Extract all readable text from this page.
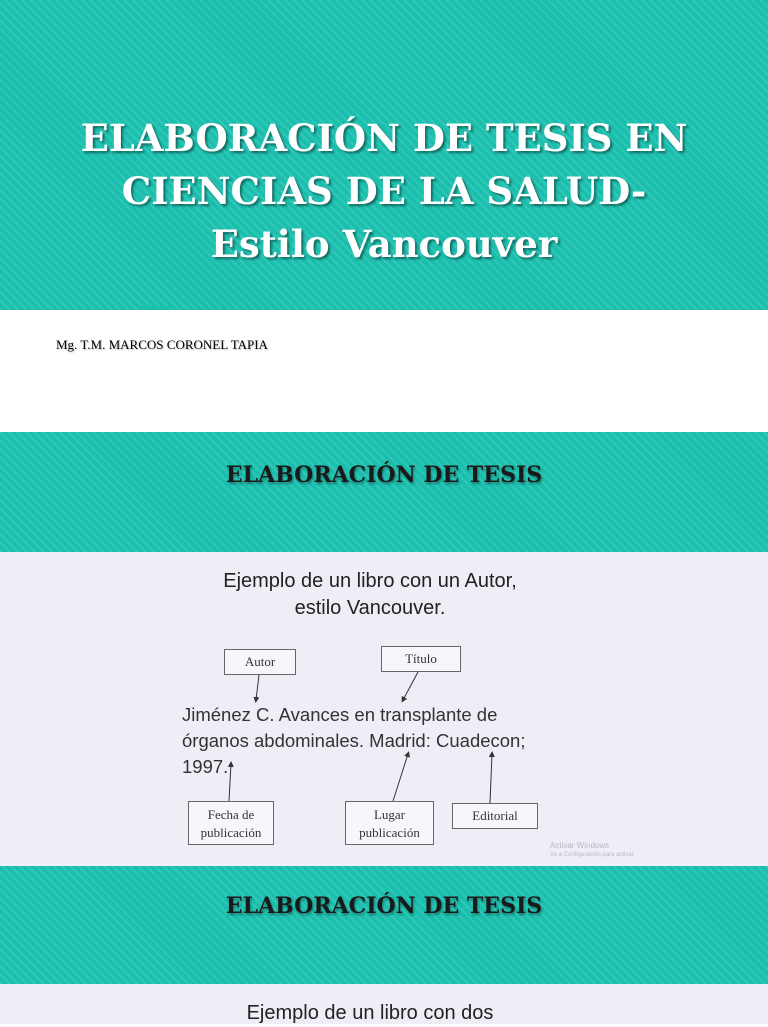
ELABORACIÓN DE TESIS EN
CIENCIAS DE LA SALUD-
Estilo Vancouver

Mg. T.M. MARCOS CORONEL TAPIA

ELABORACIÓN DE TESIS

Ejemplo de un libro con un Autor,
estilo Vancouver.

Autor	Título

Jiménez C. Avances en transplante de
órganos abdominales. Madrid: Cuadecon;
1997.

Fecha de
publicación
Lugar
publicación
Editorial

Activar Windows
Ve a Configuración para activar

ELABORACIÓN DE TESIS

Ejemplo de un libro con dos
